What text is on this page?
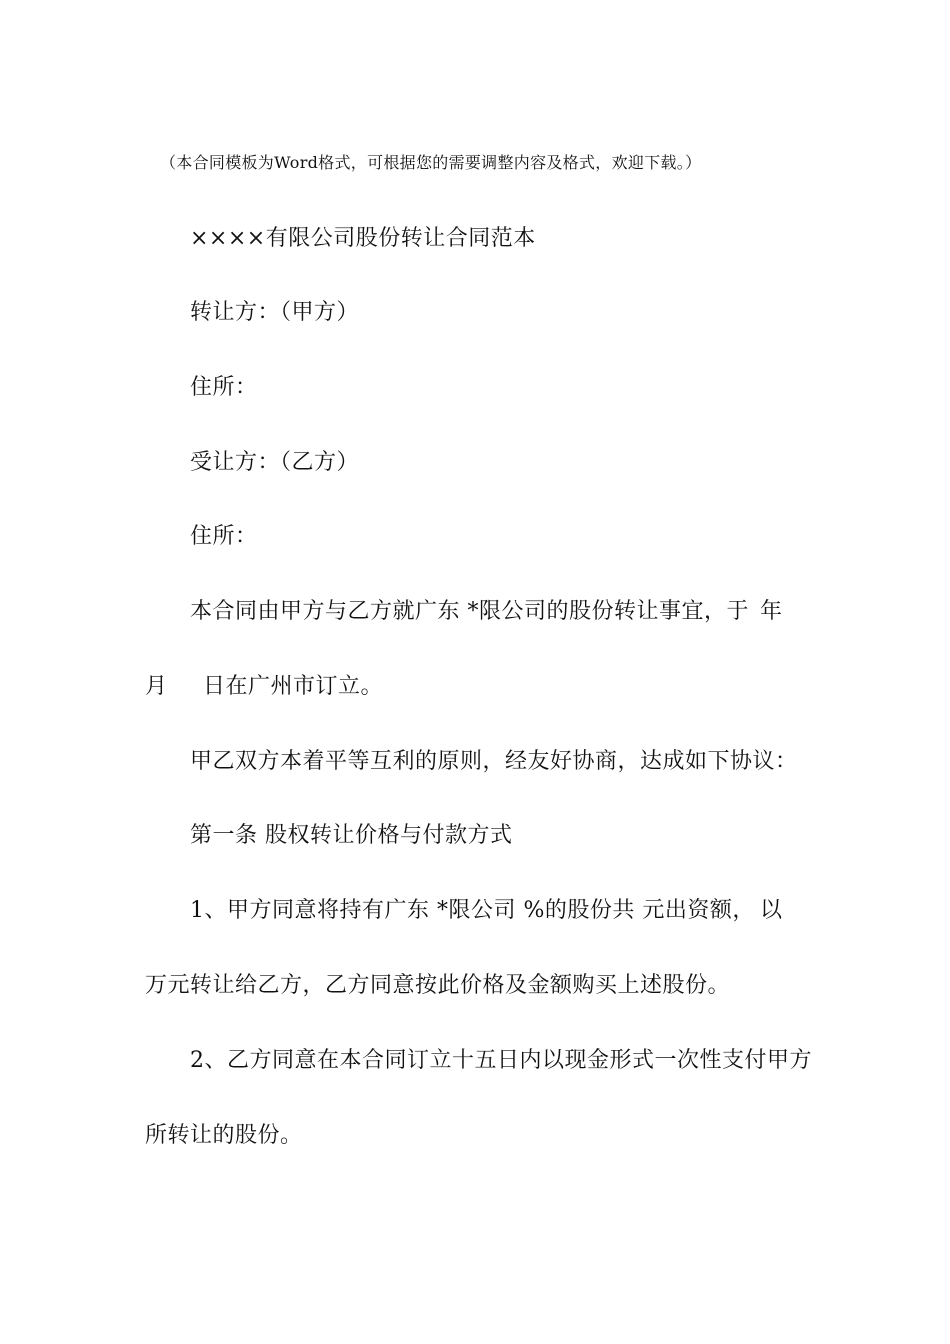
（本合同模板为Word格式，可根据您的需要调整内容及格式，欢迎下载。）
××××有限公司股份转让合同范本
转让方：（甲方）
住所：
受让方：（乙方）
住所：
本合同由甲方与乙方就广东 *限公司的股份转让事宜，于 年
月 日在广州市订立。
甲乙双方本着平等互利的原则，经友好协商，达成如下协议：
第一条 股权转让价格与付款方式
1、甲方同意将持有广东 *限公司 %的股份共 元出资额， 以
万元转让给乙方，乙方同意按此价格及金额购买上述股份。
2、乙方同意在本合同订立十五日内以现金形式一次性支付甲方
所转让的股份。
